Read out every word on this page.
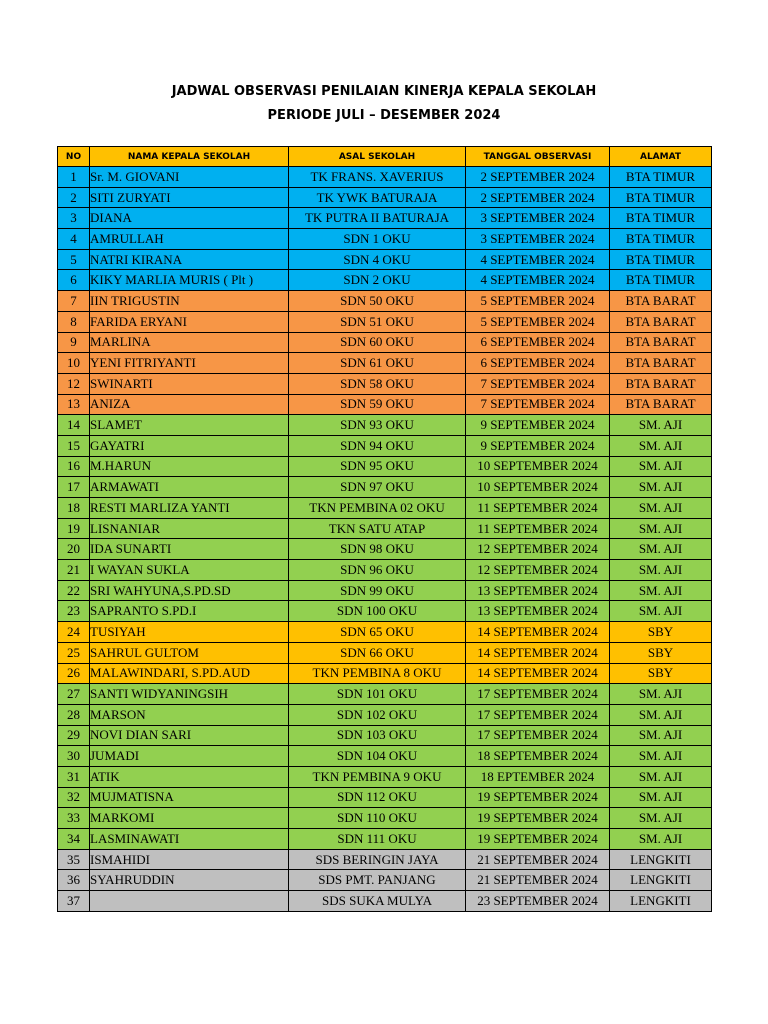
JADWAL OBSERVASI PENILAIAN KINERJA KEPALA SEKOLAH
PERIODE JULI – DESEMBER 2024
NO	NAMA KEPALA SEKOLAH	ASAL SEKOLAH	TANGGAL OBSERVASI	ALAMAT
1	Sr. M. GIOVANI	TK FRANS. XAVERIUS	2 SEPTEMBER 2024	BTA TIMUR
2	SITI ZURYATI	TK YWK BATURAJA	2 SEPTEMBER 2024	BTA TIMUR
3	DIANA	TK PUTRA II BATURAJA	3 SEPTEMBER 2024	BTA TIMUR
4	AMRULLAH	SDN 1 OKU	3 SEPTEMBER 2024	BTA TIMUR
5	NATRI KIRANA	SDN 4 OKU	4 SEPTEMBER 2024	BTA TIMUR
6	KIKY MARLIA MURIS ( Plt )	SDN 2 OKU	4 SEPTEMBER 2024	BTA TIMUR
7	IIN TRIGUSTIN	SDN 50 OKU	5 SEPTEMBER 2024	BTA BARAT
8	FARIDA ERYANI	SDN 51 OKU	5 SEPTEMBER 2024	BTA BARAT
9	MARLINA	SDN 60 OKU	6 SEPTEMBER 2024	BTA BARAT
10	YENI FITRIYANTI	SDN 61 OKU	6 SEPTEMBER 2024	BTA BARAT
12	SWINARTI	SDN 58 OKU	7 SEPTEMBER 2024	BTA BARAT
13	ANIZA	SDN 59 OKU	7 SEPTEMBER 2024	BTA BARAT
14	SLAMET	SDN 93 OKU	9 SEPTEMBER 2024	SM. AJI
15	GAYATRI	SDN 94 OKU	9 SEPTEMBER 2024	SM. AJI
16	M.HARUN	SDN 95 OKU	10 SEPTEMBER 2024	SM. AJI
17	ARMAWATI	SDN 97 OKU	10 SEPTEMBER 2024	SM. AJI
18	RESTI MARLIZA YANTI	TKN PEMBINA 02 OKU	11 SEPTEMBER 2024	SM. AJI
19	LISNANIAR	TKN SATU ATAP	11 SEPTEMBER 2024	SM. AJI
20	IDA SUNARTI	SDN 98 OKU	12 SEPTEMBER 2024	SM. AJI
21	I WAYAN SUKLA	SDN 96 OKU	12 SEPTEMBER 2024	SM. AJI
22	SRI WAHYUNA,S.PD.SD	SDN 99 OKU	13 SEPTEMBER 2024	SM. AJI
23	SAPRANTO S.PD.I	SDN 100 OKU	13 SEPTEMBER 2024	SM. AJI
24	TUSIYAH	SDN 65 OKU	14 SEPTEMBER 2024	SBY
25	SAHRUL GULTOM	SDN 66 OKU	14 SEPTEMBER 2024	SBY
26	MALAWINDARI, S.PD.AUD	TKN PEMBINA 8 OKU	14 SEPTEMBER 2024	SBY
27	SANTI WIDYANINGSIH	SDN 101 OKU	17 SEPTEMBER 2024	SM. AJI
28	MARSON	SDN 102 OKU	17 SEPTEMBER 2024	SM. AJI
29	NOVI DIAN SARI	SDN 103 OKU	17 SEPTEMBER 2024	SM. AJI
30	JUMADI	SDN 104 OKU	18 SEPTEMBER 2024	SM. AJI
31	ATIK	TKN PEMBINA 9 OKU	18 EPTEMBER 2024	SM. AJI
32	MUJMATISNA	SDN 112 OKU	19 SEPTEMBER 2024	SM. AJI
33	MARKOMI	SDN 110 OKU	19 SEPTEMBER 2024	SM. AJI
34	LASMINAWATI	SDN 111 OKU	19 SEPTEMBER 2024	SM. AJI
35	ISMAHIDI	SDS BERINGIN JAYA	21 SEPTEMBER 2024	LENGKITI
36	SYAHRUDDIN	SDS PMT. PANJANG	21 SEPTEMBER 2024	LENGKITI
37		SDS SUKA MULYA	23 SEPTEMBER 2024	LENGKITI
